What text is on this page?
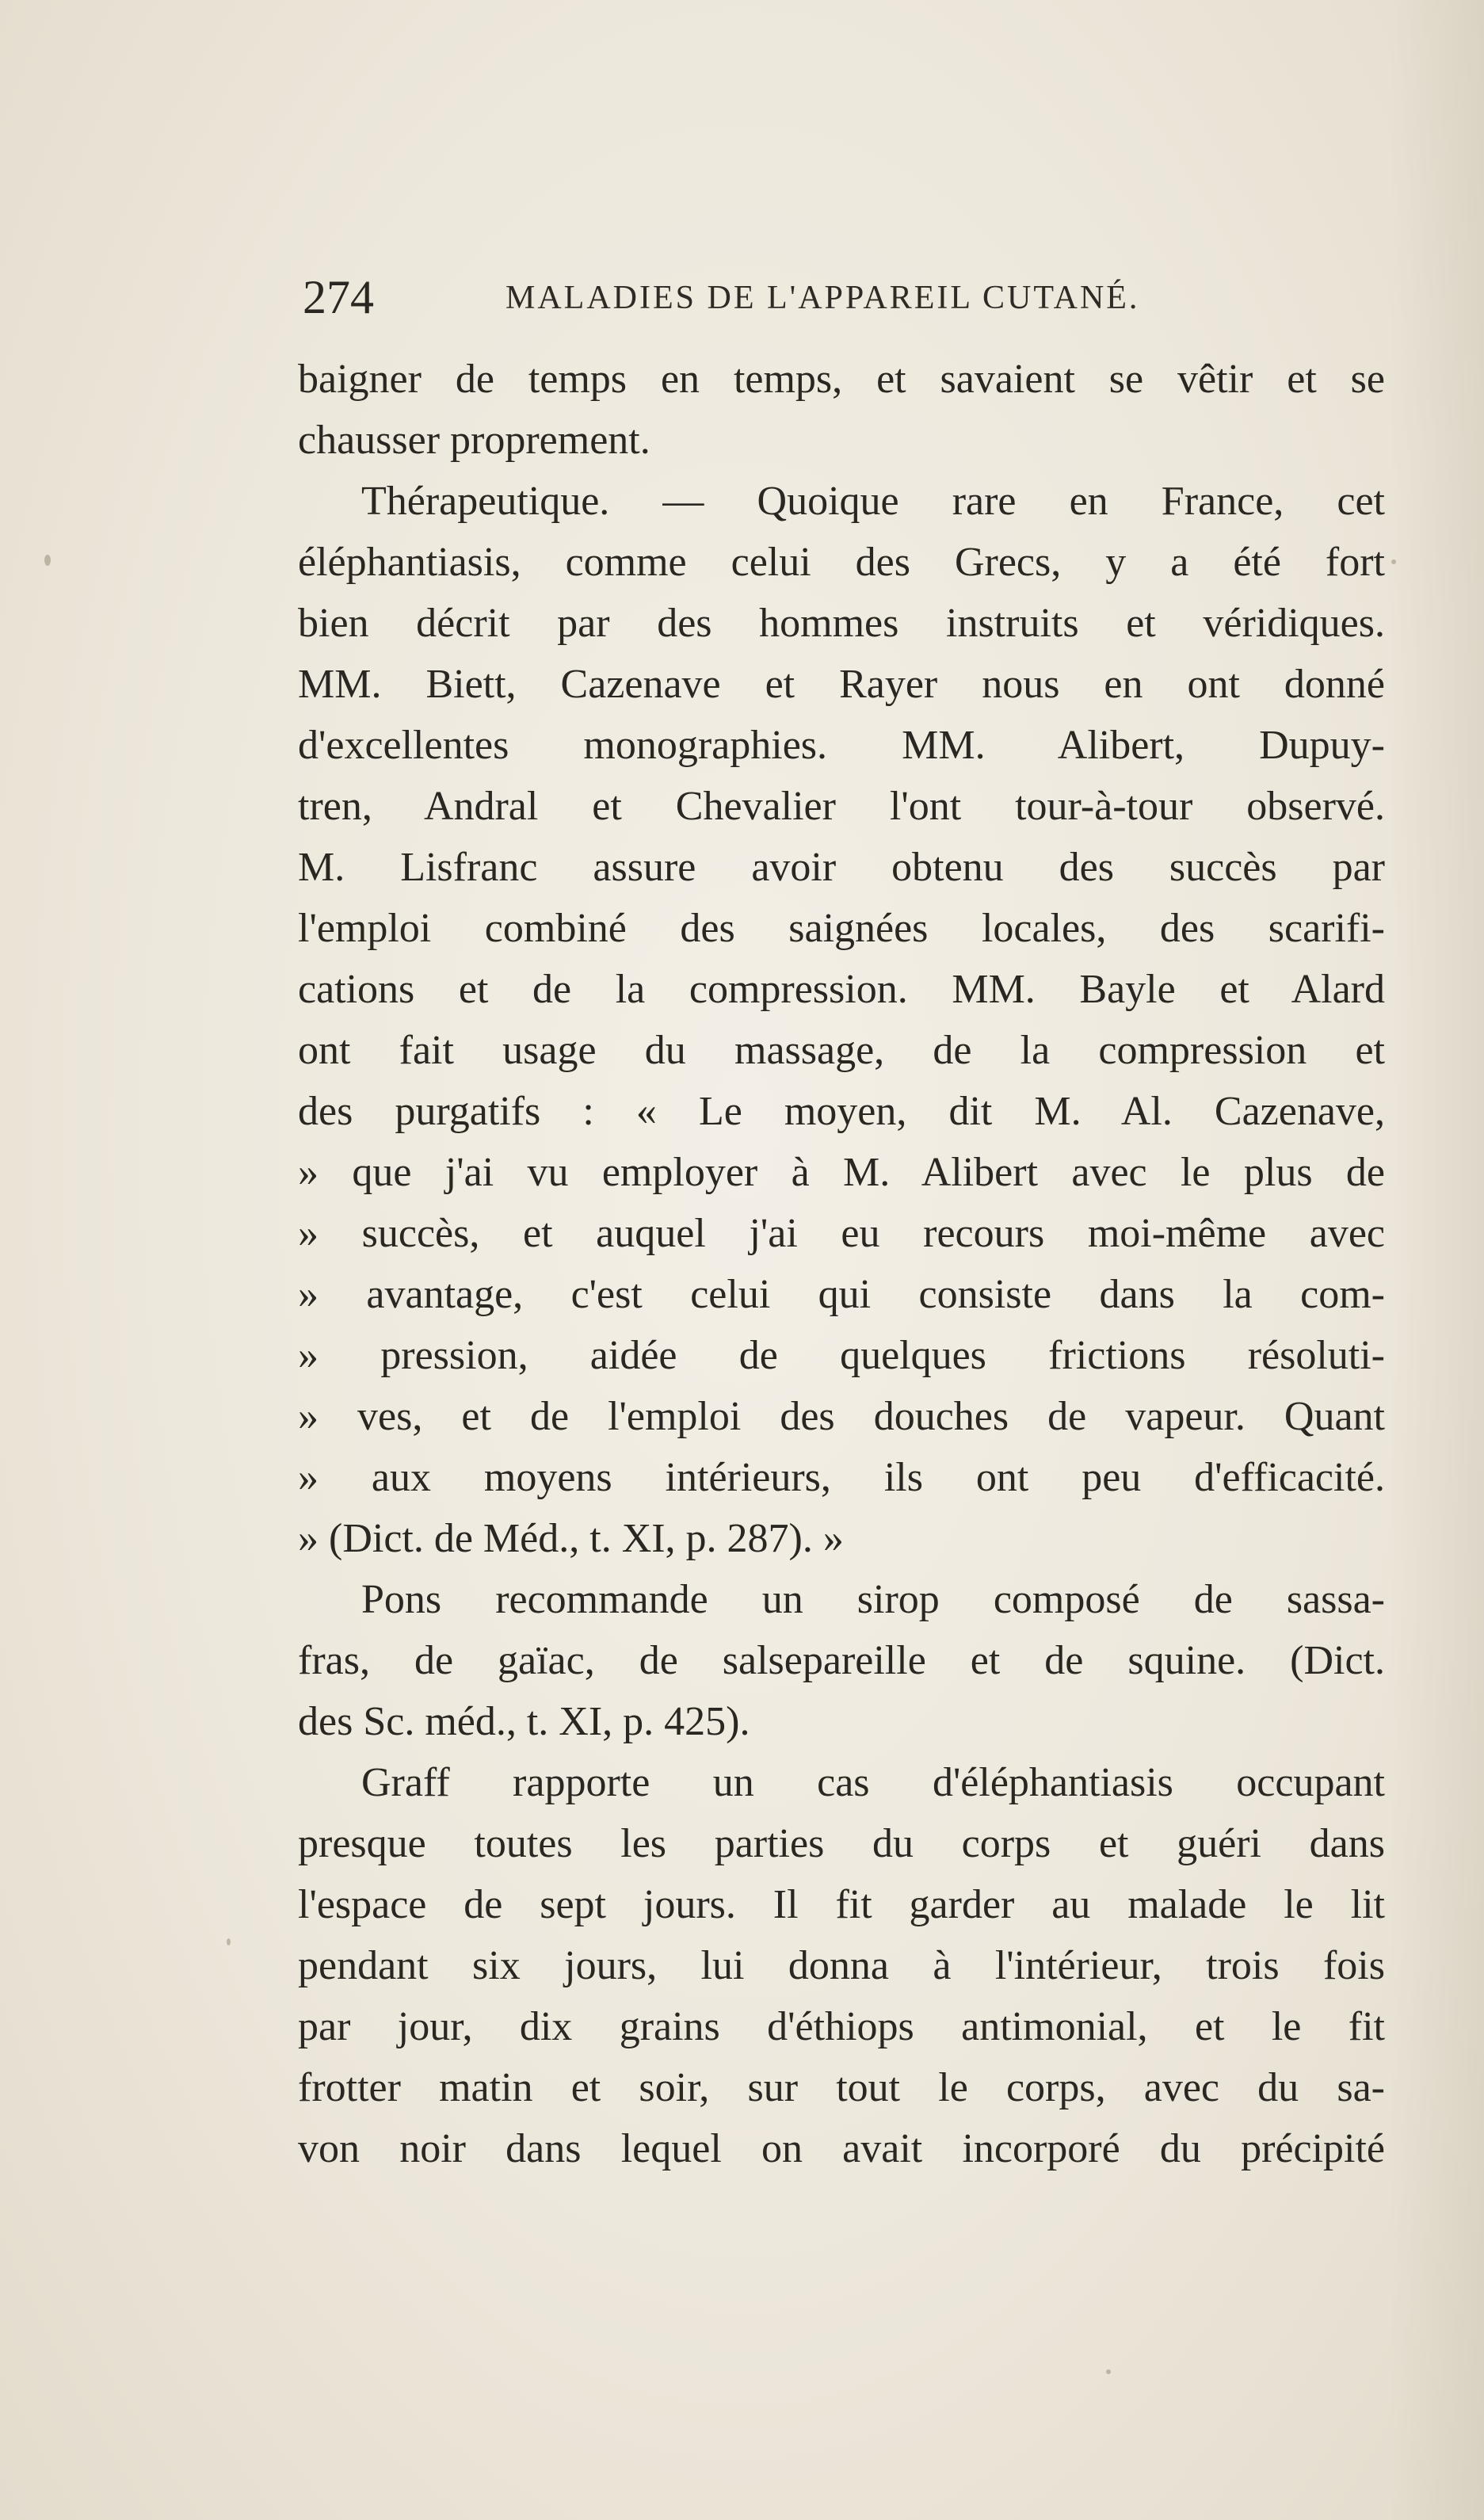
274	MALADIES DE L'APPAREIL CUTANÉ.
baigner de temps en temps, et savaient se vêtir et se
chausser proprement.
Thérapeutique. — Quoique rare en France, cet
éléphantiasis, comme celui des Grecs, y a été fort
bien décrit par des hommes instruits et véridiques.
MM. Biett, Cazenave et Rayer nous en ont donné
d'excellentes monographies. MM. Alibert, Dupuy-
tren, Andral et Chevalier l'ont tour-à-tour observé.
M. Lisfranc assure avoir obtenu des succès par
l'emploi combiné des saignées locales, des scarifi-
cations et de la compression. MM. Bayle et Alard
ont fait usage du massage, de la compression et
des purgatifs : « Le moyen, dit M. Al. Cazenave,
» que j'ai vu employer à M. Alibert avec le plus de
» succès, et auquel j'ai eu recours moi-même avec
» avantage, c'est celui qui consiste dans la com-
» pression, aidée de quelques frictions résoluti-
» ves, et de l'emploi des douches de vapeur. Quant
» aux moyens intérieurs, ils ont peu d'efficacité.
» (Dict. de Méd., t. XI, p. 287). »
Pons recommande un sirop composé de sassa-
fras, de gaïac, de salsepareille et de squine. (Dict.
des Sc. méd., t. XI, p. 425).
Graff rapporte un cas d'éléphantiasis occupant
presque toutes les parties du corps et guéri dans
l'espace de sept jours. Il fit garder au malade le lit
pendant six jours, lui donna à l'intérieur, trois fois
par jour, dix grains d'éthiops antimonial, et le fit
frotter matin et soir, sur tout le corps, avec du sa-
von noir dans lequel on avait incorporé du précipité
